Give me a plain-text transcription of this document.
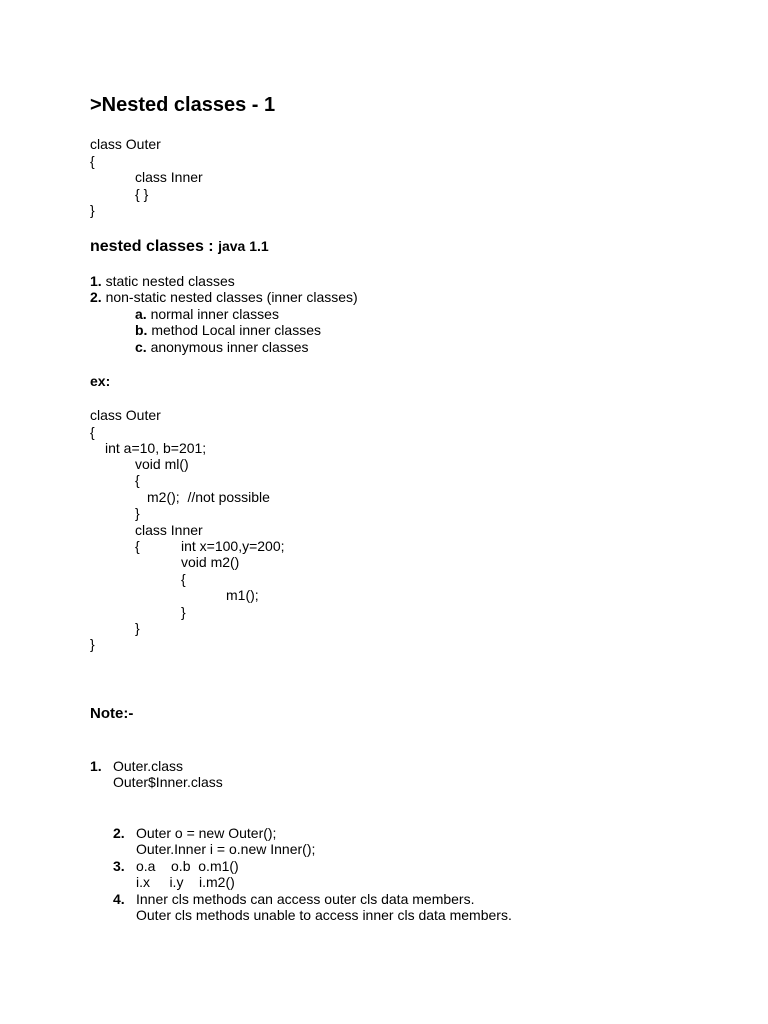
>Nested classes - 1
class Outer
{
class Inner
{ }
}
nested classes : java 1.1
1. static nested classes
2. non-static nested classes (inner classes)
a. normal inner classes
b. method Local inner classes
c. anonymous inner classes
ex:
class Outer
{
int a=10, b=201;
void ml()
{
m2();  //not possible
}
class Inner
{	int x=100,y=200;
void m2()
{
m1();
}
}
}
Note:-
1. Outer.class
Outer$Inner.class
2. Outer o = new Outer();
Outer.Inner i = o.new Inner();
3. o.a    o.b  o.m1()
i.x     i.y    i.m2()
4. Inner cls methods can access outer cls data members.
Outer cls methods unable to access inner cls data members.
